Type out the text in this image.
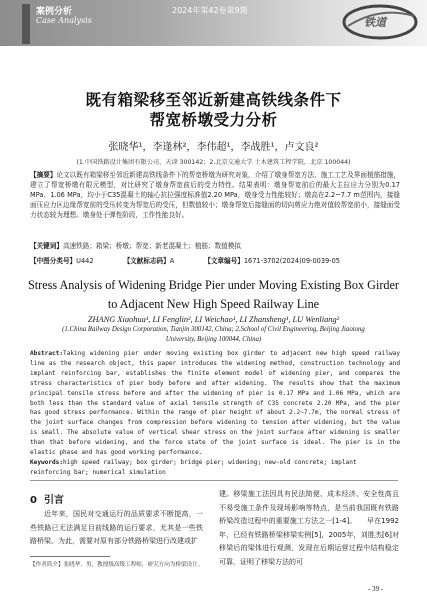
案例分析
Case Analysis
2024年第42卷第9期
铁道
既有箱梁移至邻近新建高铁线条件下
帮宽桥墩受力分析
张晓华¹，李逢林²，李伟超¹，李战胜¹，卢文良²
(1.中国铁路设计集团有限公司，天津 300142；2.北京交通大学 土木建筑工程学院，北京 100044)
【摘要】论文以既有箱梁移至邻近新建高铁线条件下的帮宽桥墩为研究对象，介绍了墩身帮宽方法、施工工艺及界面植筋措施，建立了帮宽桥墩有限元模型，对比研究了墩身帮宽前后的受力特性。结果表明：墩身帮宽前后的最大主拉应力分别为0.17 MPa、1.06 MPa，均小于C35混凝土的轴心抗拉强度标准值2.20 MPa，墩身受力性能较好；墩高在2.2~7.7 m范围内，接缝面压应力区边缘帮宽前的受压转变为帮宽后的受压，但数值较小；墩身帮宽后接缝面的切向剪应力绝对值较帮宽前小，接缝面受力状态较为理想。墩身处于弹性阶段，工作性能良好。
【关键词】高速铁路；箱梁；桥墩；帮宽；新老混凝土；植筋；数值模拟
【中图分类号】U442	【文献标志码】A	【文章编号】1671-3702(2024)09-0039-05
Stress Analysis of Widening Bridge Pier under Moving Existing Box Girder
to Adjacent New High Speed Railway Line
ZHANG Xiaohua¹, LI Fenglin², LI Weichao¹, LI Zhansheng¹, LU Wenliang²
(1.China Railway Design Corporation, Tianjin 300142, China; 2.School of Civil Engineering, Beijing Jiaotong University, Beijing 100044, China)
Abstract:Taking widening pier under moving existing box girder to adjacent new high speed railway line as the research object, this paper introduces the widening method, construction technology and implant reinforcing bar, establishes the finite element model of widening pier, and compares the stress characteristics of pier body before and after widening. The results show that the maximum principal tensile stress before and after the widening of pier is 0.17 MPa and 1.06 MPa, which are both less than the standard value of axial tensile strength of C35 concrete 2.20 MPa, and the pier has good stress performance. Within the range of pier height of about 2.2~7.7m, the normal stress of the joint surface changes from compression before widening to tension after widening, but the value is small. The absolute value of vertical shear stress on the joint surface after widening is smaller than that before widening, and the force state of the joint surface is ideal. The pier is in the elastic phase and has good working performance.
Keywords:high speed railway; box girder; bridge pier; widening; new-old concrete; implant reinforcing bar; numerical simulation
0 引言
近年来，国民对交通运行的品质要求不断提高，一些铁路已无法满足目前线路的运行要求，尤其是一些铁路桥梁。为此，需要对原有部分铁路桥梁进行改建或扩
建。移梁施工法因具有民法简便、成本经济、安全性高且不易受施工条件及现场影响等特点，是当前我国既有铁路桥梁改造过程中的重要施工方法之一[1-4]。　　早在1992年，已经有铁路桥梁移梁实例[5]，2005年，刘胜杰[6]对移梁后的梁体进行观测，发现在后期运营过程中结构稳定可靠，证明了移梁方法的可
【作者简介】张晓华，男，教授级高级工程师，研究方向为桥梁设计。
- 39 -
